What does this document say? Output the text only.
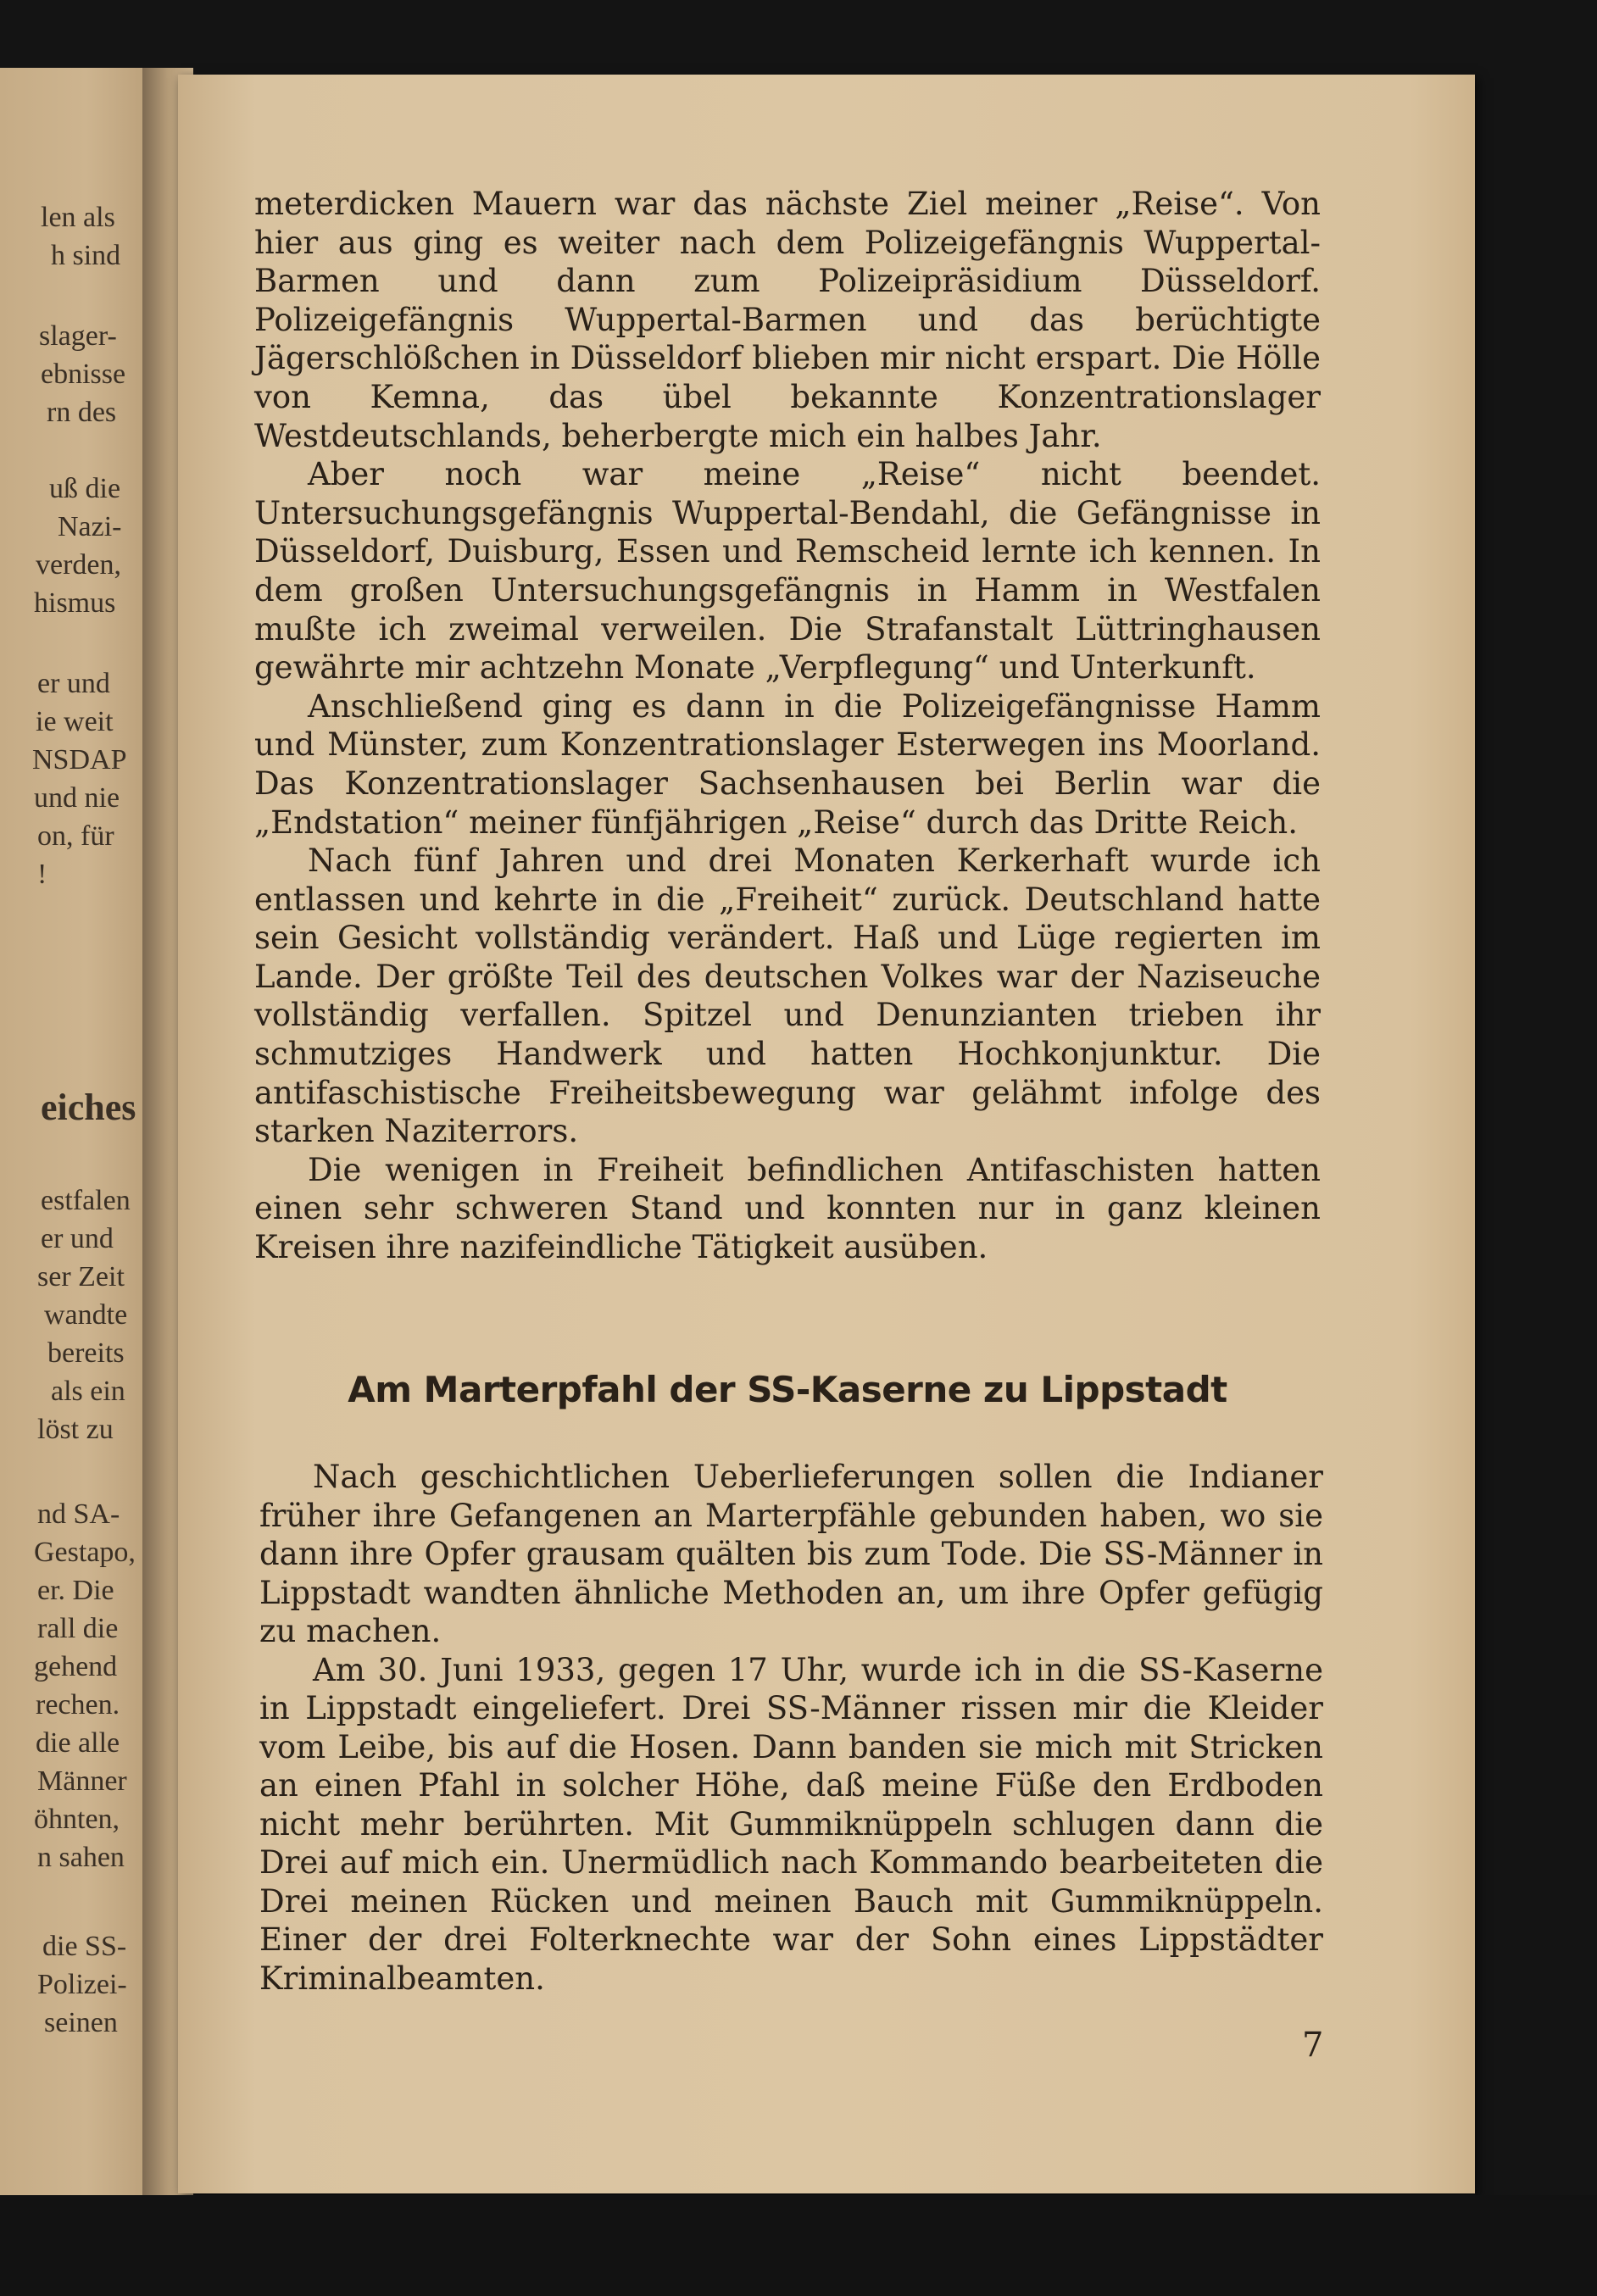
len als
h sind
slager-
ebnisse
rn des
uß die
Nazi-
verden,
hismus
er und
ie weit
NSDAP
und nie
on, für
!
eiches
estfalen
er und
ser Zeit
wandte
bereits
als ein
löst zu
nd SA-
Gestapo,
er. Die
rall die
gehend
rechen.
die alle
Männer
öhnten,
n sahen
die SS-
Polizei-
seinen

meterdicken Mauern war das nächste Ziel meiner „Reise“. Von hier aus ging es weiter nach dem Polizeigefängnis Wuppertal-Barmen und dann zum Polizeipräsidium Düsseldorf. Polizeigefängnis Wuppertal-Barmen und das berüchtigte Jägerschlößchen in Düsseldorf blieben mir nicht erspart. Die Hölle von Kemna, das übel bekannte Konzentrationslager Westdeutschlands, beherbergte mich ein halbes Jahr.

Aber noch war meine „Reise“ nicht beendet. Untersuchungsgefängnis Wuppertal-Bendahl, die Gefängnisse in Düsseldorf, Duisburg, Essen und Remscheid lernte ich kennen. In dem großen Untersuchungsgefängnis in Hamm in Westfalen mußte ich zweimal verweilen. Die Strafanstalt Lüttringhausen gewährte mir achtzehn Monate „Verpflegung“ und Unterkunft.

Anschließend ging es dann in die Polizeigefängnisse Hamm und Münster, zum Konzentrationslager Esterwegen ins Moorland. Das Konzentrationslager Sachsenhausen bei Berlin war die „Endstation“ meiner fünfjährigen „Reise“ durch das Dritte Reich.

Nach fünf Jahren und drei Monaten Kerkerhaft wurde ich entlassen und kehrte in die „Freiheit“ zurück. Deutschland hatte sein Gesicht vollständig verändert. Haß und Lüge regierten im Lande. Der größte Teil des deutschen Volkes war der Naziseuche vollständig verfallen. Spitzel und Denunzianten trieben ihr schmutziges Handwerk und hatten Hochkonjunktur. Die antifaschistische Freiheitsbewegung war gelähmt infolge des starken Naziterrors.

Die wenigen in Freiheit befindlichen Antifaschisten hatten einen sehr schweren Stand und konnten nur in ganz kleinen Kreisen ihre nazifeindliche Tätigkeit ausüben.

Am Marterpfahl der SS-Kaserne zu Lippstadt

Nach geschichtlichen Ueberlieferungen sollen die Indianer früher ihre Gefangenen an Marterpfähle gebunden haben, wo sie dann ihre Opfer grausam quälten bis zum Tode. Die SS-Männer in Lippstadt wandten ähnliche Methoden an, um ihre Opfer gefügig zu machen.

Am 30. Juni 1933, gegen 17 Uhr, wurde ich in die SS-Kaserne in Lippstadt eingeliefert. Drei SS-Männer rissen mir die Kleider vom Leibe, bis auf die Hosen. Dann banden sie mich mit Stricken an einen Pfahl in solcher Höhe, daß meine Füße den Erdboden nicht mehr berührten. Mit Gummiknüppeln schlugen dann die Drei auf mich ein. Unermüdlich nach Kommando bearbeiteten die Drei meinen Rücken und meinen Bauch mit Gummiknüppeln. Einer der drei Folterknechte war der Sohn eines Lippstädter Kriminalbeamten.

7
